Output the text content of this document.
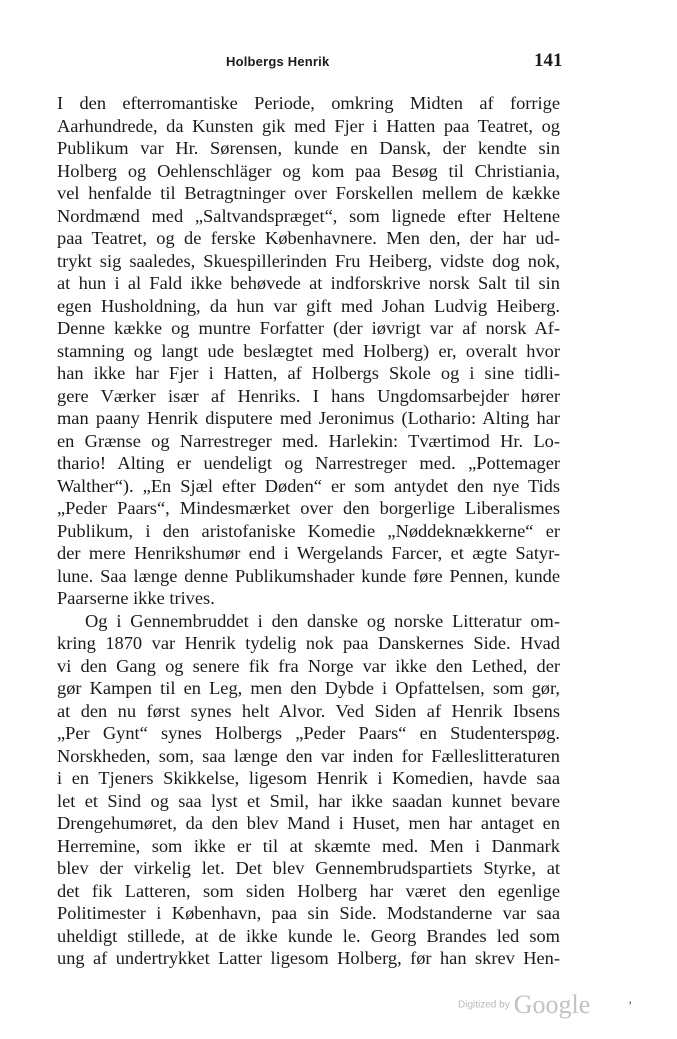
Holbergs Henrik	141
I den efterromantiske Periode, omkring Midten af forrige
Aarhundrede, da Kunsten gik med Fjer i Hatten paa Teatret, og
Publikum var Hr. Sørensen, kunde en Dansk, der kendte sin
Holberg og Oehlenschläger og kom paa Besøg til Christiania,
vel henfalde til Betragtninger over Forskellen mellem de kække
Nordmænd med „Saltvandspræget“, som lignede efter Heltene
paa Teatret, og de ferske Københavnere. Men den, der har ud-
trykt sig saaledes, Skuespillerinden Fru Heiberg, vidste dog nok,
at hun i al Fald ikke behøvede at indforskrive norsk Salt til sin
egen Husholdning, da hun var gift med Johan Ludvig Heiberg.
Denne kække og muntre Forfatter (der iøvrigt var af norsk Af-
stamning og langt ude beslægtet med Holberg) er, overalt hvor
han ikke har Fjer i Hatten, af Holbergs Skole og i sine tidli-
gere Værker især af Henriks. I hans Ungdomsarbejder hører
man paany Henrik disputere med Jeronimus (Lothario: Alting har
en Grænse og Narrestreger med. Harlekin: Tværtimod Hr. Lo-
thario! Alting er uendeligt og Narrestreger med. „Pottemager
Walther“). „En Sjæl efter Døden“ er som antydet den nye Tids
„Peder Paars“, Mindesmærket over den borgerlige Liberalismes
Publikum, i den aristofaniske Komedie „Nøddeknækkerne“ er
der mere Henrikshumør end i Wergelands Farcer, et ægte Satyr-
lune. Saa længe denne Publikumshader kunde føre Pennen, kunde
Paarserne ikke trives.
Og i Gennembruddet i den danske og norske Litteratur om-
kring 1870 var Henrik tydelig nok paa Danskernes Side. Hvad
vi den Gang og senere fik fra Norge var ikke den Lethed, der
gør Kampen til en Leg, men den Dybde i Opfattelsen, som gør,
at den nu først synes helt Alvor. Ved Siden af Henrik Ibsens
„Per Gynt“ synes Holbergs „Peder Paars“ en Studenterspøg.
Norskheden, som, saa længe den var inden for Fælleslitteraturen
i en Tjeners Skikkelse, ligesom Henrik i Komedien, havde saa
let et Sind og saa lyst et Smil, har ikke saadan kunnet bevare
Drengehumøret, da den blev Mand i Huset, men har antaget en
Herremine, som ikke er til at skæmte med. Men i Danmark
blev der virkelig let. Det blev Gennembrudspartiets Styrke, at
det fik Latteren, som siden Holberg har været den egenlige
Politimester i København, paa sin Side. Modstanderne var saa
uheldigt stillede, at de ikke kunde le. Georg Brandes led som
ung af undertrykket Latter ligesom Holberg, før han skrev Hen-
Digitized by Google	’
